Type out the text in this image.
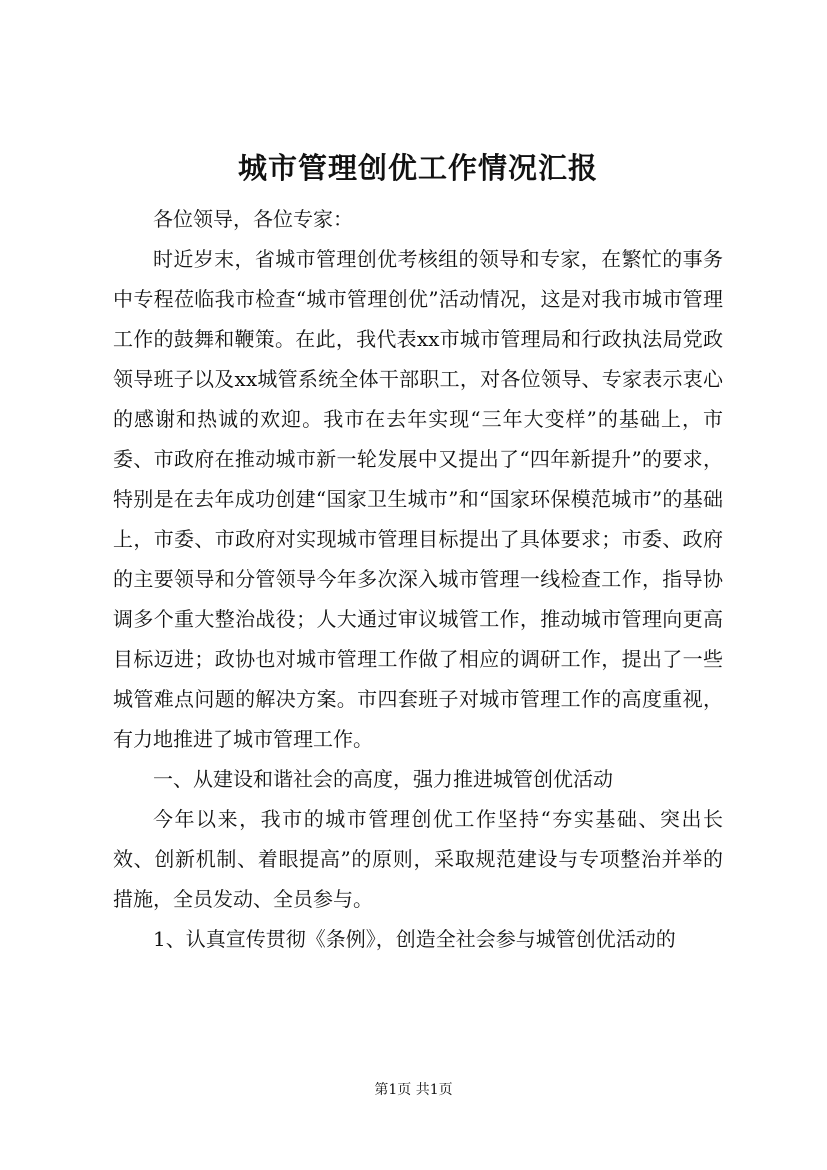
城市管理创优工作情况汇报

各位领导，各位专家：

时近岁末，省城市管理创优考核组的领导和专家，在繁忙的事务中专程莅临我市检查“城市管理创优”活动情况，这是对我市城市管理工作的鼓舞和鞭策。在此，我代表xx市城市管理局和行政执法局党政领导班子以及xx城管系统全体干部职工，对各位领导、专家表示衷心的感谢和热诚的欢迎。我市在去年实现“三年大变样”的基础上，市委、市政府在推动城市新一轮发展中又提出了“四年新提升”的要求，特别是在去年成功创建“国家卫生城市”和“国家环保模范城市”的基础上，市委、市政府对实现城市管理目标提出了具体要求；市委、政府的主要领导和分管领导今年多次深入城市管理一线检查工作，指导协调多个重大整治战役；人大通过审议城管工作，推动城市管理向更高目标迈进；政协也对城市管理工作做了相应的调研工作，提出了一些城管难点问题的解决方案。市四套班子对城市管理工作的高度重视，有力地推进了城市管理工作。

一、从建设和谐社会的高度，强力推进城管创优活动

今年以来，我市的城市管理创优工作坚持“夯实基础、突出长效、创新机制、着眼提高”的原则，采取规范建设与专项整治并举的措施，全员发动、全员参与。

1、认真宣传贯彻《条例》，创造全社会参与城管创优活动的

第1页 共1页
